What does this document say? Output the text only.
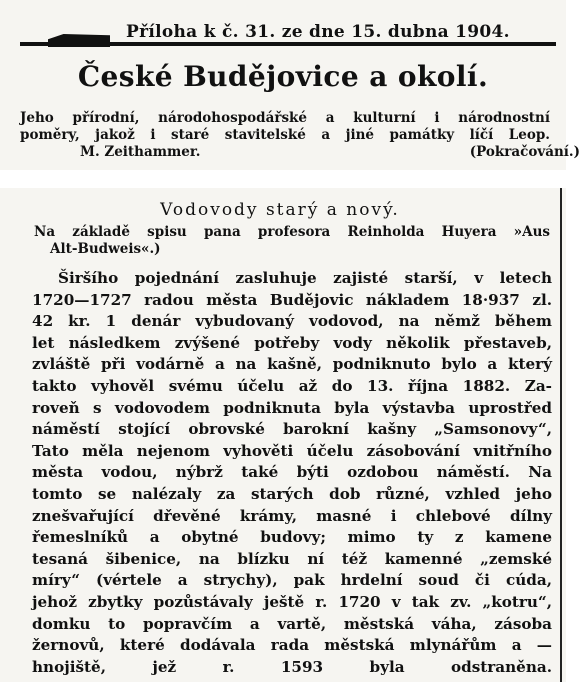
Příloha k č. 31. ze dne 15. dubna 1904.
České Budějovice a okolí.
Jeho přírodní, národohospodářské a kulturní i národnostní
poměry, jakož i staré stavitelské a jiné památky líčí Leop.
M. Zeithammer.	(Pokračování.)
Vodovody starý a nový.
Na základě spisu pana profesora Reinholda Huyera »Aus
Alt-Budweis«.)
Širšího pojednání zasluhuje zajisté starší, v letech
1720—1727 radou města Budějovic nákladem 18·937 zl.
42 kr. 1 denár vybudovaný vodovod, na němž během
let následkem zvýšené potřeby vody několik přestaveb,
zvláště při vodárně a na kašně, podniknuto bylo a který
takto vyhověl svému účelu až do 13. října 1882. Za-
roveň s vodovodem podniknuta byla výstavba uprostřed
náměstí stojící obrovské barokní kašny „Samsonovy“,
Tato měla nejenom vyhověti účelu zásobování vnitřního
města vodou, nýbrž také býti ozdobou náměstí. Na
tomto se nalézaly za starých dob různé, vzhled jeho
znešvařující dřevěné krámy, masné i chlebové dílny
řemeslníků a obytné budovy; mimo ty z kamene
tesaná šibenice, na blízku ní též kamenné „zemské
míry“ (vértele a strychy), pak hrdelní soud či cúda,
jehož zbytky pozůstávaly ještě r. 1720 v tak zv. „kotru“,
domku to popravčím a vartě, městská váha, zásoba
žernovů, které dodávala rada městská mlynářům a —
hnojiště, jež r. 1593 byla odstraněna.
